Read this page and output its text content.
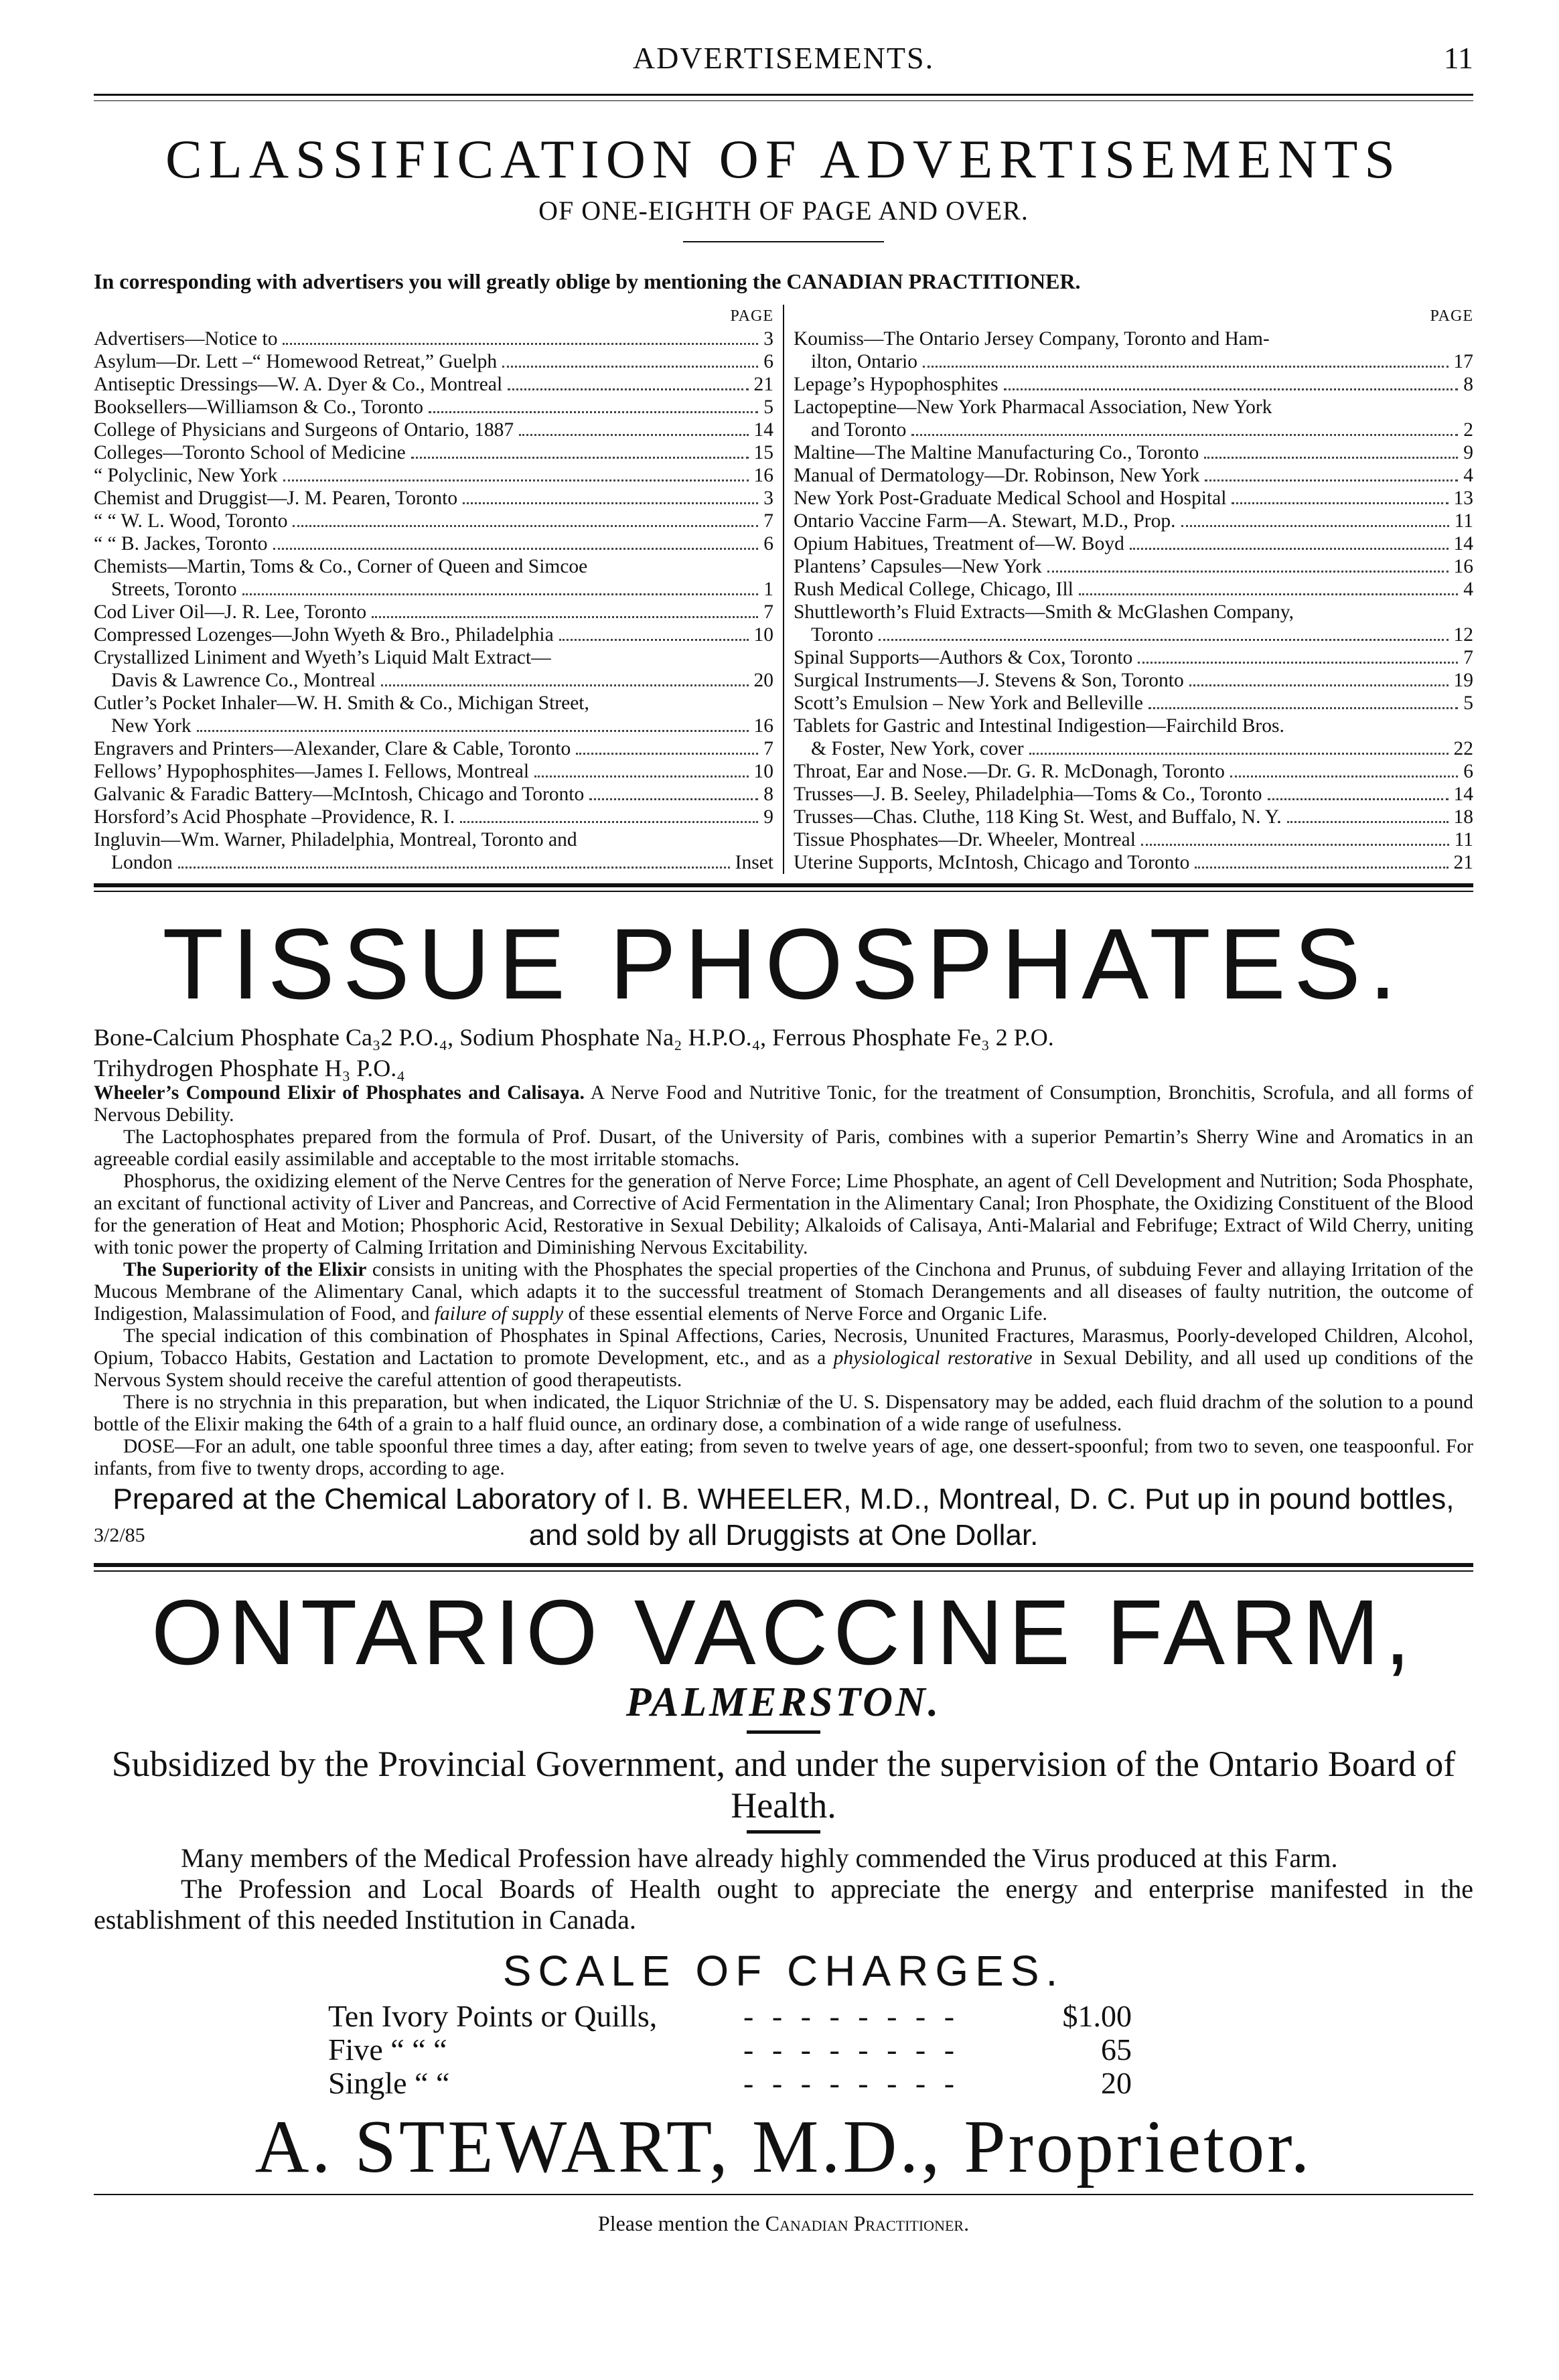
ADVERTISEMENTS.	11
CLASSIFICATION OF ADVERTISEMENTS
OF ONE-EIGHTH OF PAGE AND OVER.
In corresponding with advertisers you will greatly oblige by mentioning the CANADIAN PRACTITIONER.
PAGE
Advertisers—Notice to	3
Asylum—Dr. Lett –“ Homewood Retreat,” Guelph	6
Antiseptic Dressings—W. A. Dyer & Co., Montreal	21
Booksellers—Williamson & Co., Toronto	5
College of Physicians and Surgeons of Ontario, 1887	14
Colleges—Toronto School of Medicine	15
“ Polyclinic, New York	16
Chemist and Druggist—J. M. Pearen, Toronto	3
“ “ W. L. Wood, Toronto	7
“ “ B. Jackes, Toronto	6
Chemists—Martin, Toms & Co., Corner of Queen and Simcoe
Streets, Toronto	1
Cod Liver Oil—J. R. Lee, Toronto	7
Compressed Lozenges—John Wyeth & Bro., Philadelphia	10
Crystallized Liniment and Wyeth’s Liquid Malt Extract—
Davis & Lawrence Co., Montreal	20
Cutler’s Pocket Inhaler—W. H. Smith & Co., Michigan Street,
New York	16
Engravers and Printers—Alexander, Clare & Cable, Toronto	7
Fellows’ Hypophosphites—James I. Fellows, Montreal	10
Galvanic & Faradic Battery—McIntosh, Chicago and Toronto	8
Horsford’s Acid Phosphate –Providence, R. I.	9
Ingluvin—Wm. Warner, Philadelphia, Montreal, Toronto and
London	Inset
PAGE
Koumiss—The Ontario Jersey Company, Toronto and Ham-
ilton, Ontario	17
Lepage’s Hypophosphites	8
Lactopeptine—New York Pharmacal Association, New York
and Toronto	2
Maltine—The Maltine Manufacturing Co., Toronto	9
Manual of Dermatology—Dr. Robinson, New York	4
New York Post-Graduate Medical School and Hospital	13
Ontario Vaccine Farm—A. Stewart, M.D., Prop.	11
Opium Habitues, Treatment of—W. Boyd	14
Plantens’ Capsules—New York	16
Rush Medical College, Chicago, Ill	4
Shuttleworth’s Fluid Extracts—Smith & McGlashen Company,
Toronto	12
Spinal Supports—Authors & Cox, Toronto	7
Surgical Instruments—J. Stevens & Son, Toronto	19
Scott’s Emulsion – New York and Belleville	5
Tablets for Gastric and Intestinal Indigestion—Fairchild Bros.
& Foster, New York, cover	22
Throat, Ear and Nose.—Dr. G. R. McDonagh, Toronto	6
Trusses—J. B. Seeley, Philadelphia—Toms & Co., Toronto	14
Trusses—Chas. Cluthe, 118 King St. West, and Buffalo, N. Y.	18
Tissue Phosphates—Dr. Wheeler, Montreal	11
Uterine Supports, McIntosh, Chicago and Toronto	21
TISSUE PHOSPHATES.
Bone-Calcium Phosphate Ca₃2 P.O.₄, Sodium Phosphate Na₂ H.P.O.₄, Ferrous Phosphate Fe₃ 2 P.O.
Trihydrogen Phosphate H₃ P.O.₄

Wheeler’s Compound Elixir of Phosphates and Calisaya. A Nerve Food and Nutritive Tonic, for the treatment of Consumption, Bronchitis, Scrofula, and all forms of Nervous Debility.

The Lactophosphates prepared from the formula of Prof. Dusart, of the University of Paris, combines with a superior Pemartin’s Sherry Wine and Aromatics in an agreeable cordial easily assimilable and acceptable to the most irritable stomachs.

Phosphorus, the oxidizing element of the Nerve Centres for the generation of Nerve Force; Lime Phosphate, an agent of Cell Development and Nutrition; Soda Phosphate, an excitant of functional activity of Liver and Pancreas, and Corrective of Acid Fermentation in the Alimentary Canal; Iron Phosphate, the Oxidizing Constituent of the Blood for the generation of Heat and Motion; Phosphoric Acid, Restorative in Sexual Debility; Alkaloids of Calisaya, Anti-Malarial and Febrifuge; Extract of Wild Cherry, uniting with tonic power the property of Calming Irritation and Diminishing Nervous Excitability.

The Superiority of the Elixir consists in uniting with the Phosphates the special properties of the Cinchona and Prunus, of subduing Fever and allaying Irritation of the Mucous Membrane of the Alimentary Canal, which adapts it to the successful treatment of Stomach Derangements and all diseases of faulty nutrition, the outcome of Indigestion, Malassimulation of Food, and failure of supply of these essential elements of Nerve Force and Organic Life.

The special indication of this combination of Phosphates in Spinal Affections, Caries, Necrosis, Ununited Fractures, Marasmus, Poorly-developed Children, Alcohol, Opium, Tobacco Habits, Gestation and Lactation to promote Development, etc., and as a physiological restorative in Sexual Debility, and all used up conditions of the Nervous System should receive the careful attention of good therapeutists.

There is no strychnia in this preparation, but when indicated, the Liquor Strichniæ of the U. S. Dispensatory may be added, each fluid drachm of the solution to a pound bottle of the Elixir making the 64th of a grain to a half fluid ounce, an ordinary dose, a combination of a wide range of usefulness.

DOSE—For an adult, one table spoonful three times a day, after eating; from seven to twelve years of age, one dessert-spoonful; from two to seven, one teaspoonful. For infants, from five to twenty drops, according to age.

Prepared at the Chemical Laboratory of I. B. WHEELER, M.D., Montreal, D. C. Put up in pound bottles,
3/2/85	and sold by all Druggists at One Dollar.
ONTARIO VACCINE FARM,
PALMERSTON.
Subsidized by the Provincial Government, and under the supervision of the Ontario Board of Health.

Many members of the Medical Profession have already highly commended the Virus produced at this Farm.

The Profession and Local Boards of Health ought to appreciate the energy and enterprise manifested in the establishment of this needed Institution in Canada.

SCALE OF CHARGES.
Ten Ivory Points or Quills,	- - - - - - - -	$1.00
Five “ “ “	- - - - - - - -	65
Single “ “	- - - - - - - -	20
A. STEWART, M.D., Proprietor.
Please mention the Canadian Practitioner.
